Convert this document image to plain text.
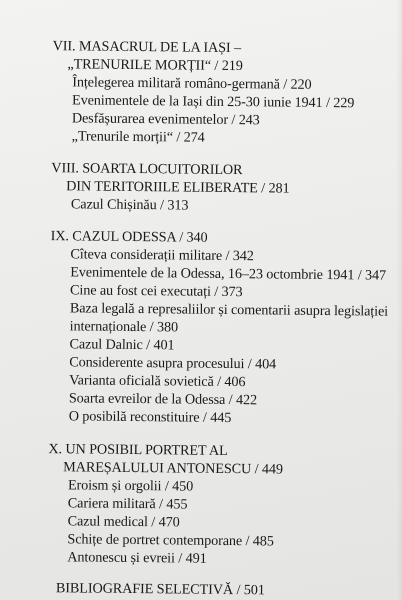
VII. MASACRUL DE LA IAȘI –
„TRENURILE MORȚII“ / 219
Înțelegerea militară româno-germană / 220
Evenimentele de la Iași din 25-30 iunie 1941 / 229
Desfășurarea evenimentelor / 243
„Trenurile morții“ / 274
VIII. SOARTA LOCUITORILOR
DIN TERITORIILE ELIBERATE / 281
Cazul Chișinău / 313
IX. CAZUL ODESSA / 340
Cîteva considerații militare / 342
Evenimentele de la Odessa, 16–23 octombrie 1941 / 347
Cine au fost cei executați / 373
Baza legală a represaliilor și comentarii asupra legislației
internaționale / 380
Cazul Dalnic / 401
Considerente asupra procesului / 404
Varianta oficială sovietică / 406
Soarta evreilor de la Odessa / 422
O posibilă reconstituire / 445
X. UN POSIBIL PORTRET AL
MAREȘALULUI ANTONESCU / 449
Eroism și orgolii / 450
Cariera militară / 455
Cazul medical / 470
Schițe de portret contemporane / 485
Antonescu și evreii / 491
BIBLIOGRAFIE SELECTIVĂ / 501
